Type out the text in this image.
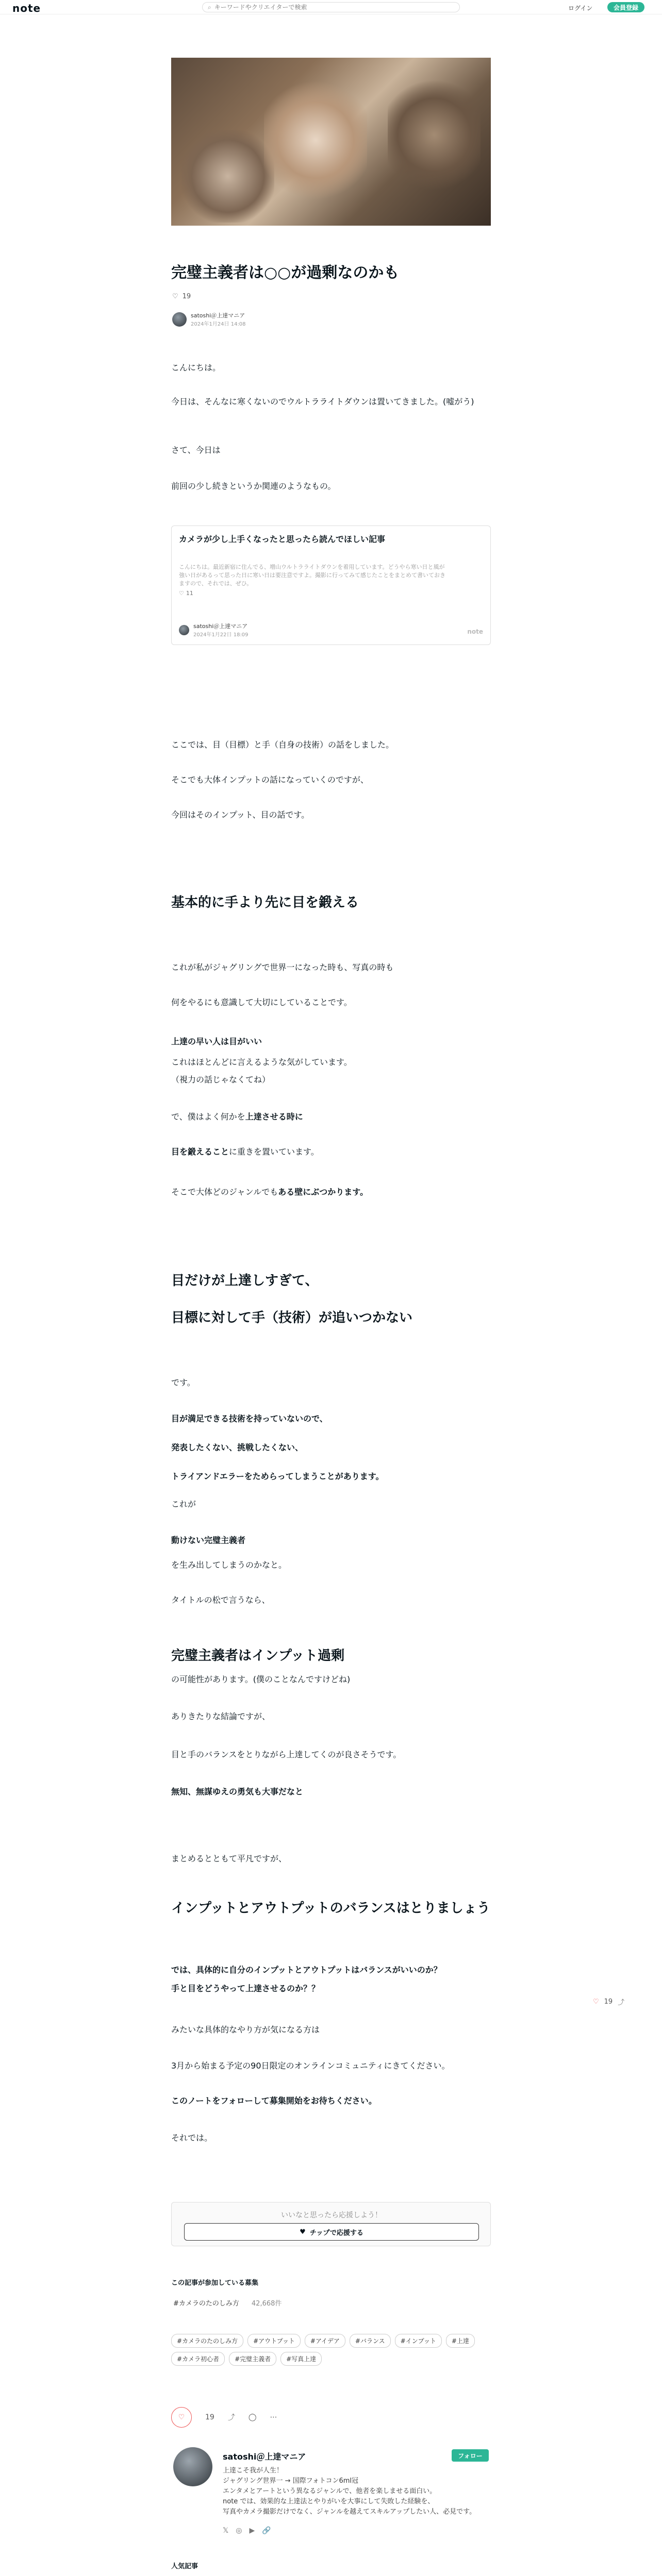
note	⌕
キーワードやクリエイターで検索	ログイン	会員登録
完璧主義者は○○が過剰なのかも
♡ 19
satoshi＠上達マニア
2024年1月24日 14:08
こんにちは。
今日は、そんなに寒くないのでウルトラライトダウンは置いてきました。(嘘がう)
さて、今日は
前回の少し続きというか関連のようなもの。
カメラが少し上手くなったと思ったら読んでほしい記事
こんにちは。最近新宿に住んでる、増山ウルトラライトダウンを着用しています。どうやら寒い日と風が強い日があるって思った日に寒い日は要注意ですよ。撮影に行ってみて感じたことをまとめて書いておきますので、それでは、ぜひ。
♡ 11
satoshi＠上達マニア
2024年1月22日 18:09	note
ここでは、目（目標）と手（自身の技術）の話をしました。
そこでも大体インプットの話になっていくのですが、
今回はそのインプット、目の話です。
基本的に手より先に目を鍛える
これが私がジャグリングで世界一になった時も、写真の時も
何をやるにも意識して大切にしていることです。
上達の早い人は目がいい
これはほとんどに言えるような気がしています。
（視力の話じゃなくてね）
で、僕はよく何かを上達させる時に
目を鍛えることに重きを置いています。
そこで大体どのジャンルでもある壁にぶつかります。
目だけが上達しすぎて、
目標に対して手（技術）が追いつかない
です。
目が満足できる技術を持っていないので、
発表したくない、挑戦したくない、
トライアンドエラーをためらってしまうことがあります。
これが
動けない完璧主義者
を生み出してしまうのかなと。
タイトルの松で言うなら、
完璧主義者はインプット過剰
の可能性があります。(僕のことなんですけどね)
ありきたりな結論ですが、
目と手のバランスをとりながら上達してくのが良さそうです。
無知、無謀ゆえの勇気も大事だなと
まとめるとともて平凡ですが、
インプットとアウトプットのバランスはとりましょう
では、具体的に自分のインプットとアウトプットはバランスがいいのか？
手と目をどうやって上達させるのか？？
みたいな具体的なやり方が気になる方は
3月から始まる予定の90日限定のオンラインコミュニティにきてください。
このノートをフォローして募集開始をお待ちください。
それでは。
♡ 19 ⤴
いいなと思ったら応援しよう！
♥ チップで応援する
この記事が参加している募集
#カメラのたのしみ方 42,668件
#カメラのたのしみ方	#アウトプット	#アイデア	#バランス	#インプット	#上達
#カメラ初心者	#完璧主義者	#写真上達
♡	19 ⤴ ◯ ⋯
satoshi＠上達マニア	フォロー
上達こそ我が人生！
ジャグリング世界一 → 国際フォトコン6ml冠
エンタメとアートという異なるジャンルで、他者を楽しませる面白い。
note では、効果的な上達法とやりがいを大事にして失敗した経験を、
写真やカメラ撮影だけでなく、ジャンルを越えてスキルアップしたい人、必見です。
𝕏 ◎ ▶ 🔗
人気記事
